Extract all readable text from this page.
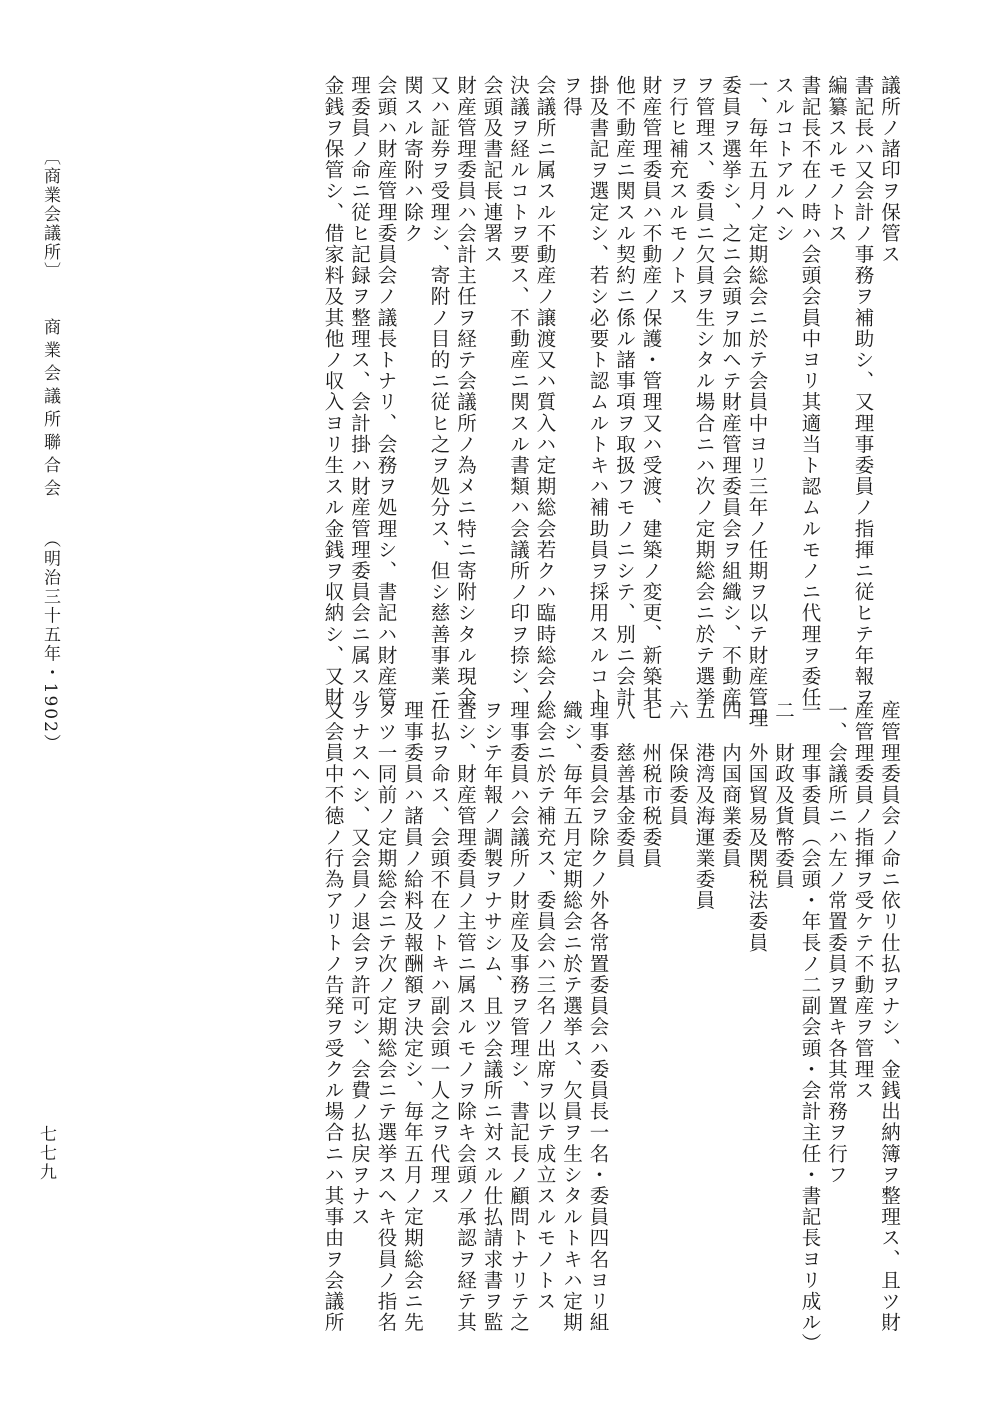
議所ノ諸印ヲ保管ス
書記長ハ又会計ノ事務ヲ補助シ、又理事委員ノ指揮ニ従ヒテ年報ヲ
編纂スルモノトス
書記長不在ノ時ハ会頭会員中ヨリ其適当ト認ムルモノニ代理ヲ委任
スルコトアルヘシ
一、毎年五月ノ定期総会ニ於テ会員中ヨリ三年ノ任期ヲ以テ財産管理
委員ヲ選挙シ、之ニ会頭ヲ加ヘテ財産管理委員会ヲ組織シ、不動産
ヲ管理ス、委員ニ欠員ヲ生シタル場合ニハ次ノ定期総会ニ於テ選挙
ヲ行ヒ補充スルモノトス
財産管理委員ハ不動産ノ保護・管理又ハ受渡、建築ノ変更、新築其
他不動産ニ関スル契約ニ係ル諸事項ヲ取扱フモノニシテ、別ニ会計
掛及書記ヲ選定シ、若シ必要ト認ムルトキハ補助員ヲ採用スルコト
ヲ得
会議所ニ属スル不動産ノ譲渡又ハ質入ハ定期総会若クハ臨時総会ノ
決議ヲ経ルコトヲ要ス、不動産ニ関スル書類ハ会議所ノ印ヲ捺シ、
会頭及書記長連署ス
財産管理委員ハ会計主任ヲ経テ会議所ノ為メニ特ニ寄附シタル現金
又ハ証券ヲ受理シ、寄附ノ目的ニ従ヒ之ヲ処分ス、但シ慈善事業ニ
関スル寄附ハ除ク
会頭ハ財産管理委員会ノ議長トナリ、会務ヲ処理シ、書記ハ財産管
理委員ノ命ニ従ヒ記録ヲ整理ス、会計掛ハ財産管理委員会ニ属スル
金銭ヲ保管シ、借家料及其他ノ収入ヨリ生スル金銭ヲ収納シ、又財
産管理委員会ノ命ニ依リ仕払ヲナシ、金銭出納簿ヲ整理ス、且ツ財
産管理委員ノ指揮ヲ受ケテ不動産ヲ管理ス
一、会議所ニハ左ノ常置委員ヲ置キ各其常務ヲ行フ
一　理事委員（会頭・年長ノ二副会頭・会計主任・書記長ヨリ成ル）
二　財政及貨幣委員
三　外国貿易及関税法委員
四　内国商業委員
五　港湾及海運業委員
六　保険委員
七　州税市税委員
八　慈善基金委員
理事委員会ヲ除クノ外各常置委員会ハ委員長一名・委員四名ヨリ組
織シ、毎年五月定期総会ニ於テ選挙ス、欠員ヲ生シタルトキハ定期
総会ニ於テ補充ス、委員会ハ三名ノ出席ヲ以テ成立スルモノトス
理事委員ハ会議所ノ財産及事務ヲ管理シ、書記長ノ顧問トナリテ之
ヲシテ年報ノ調製ヲナサシム、且ツ会議所ニ対スル仕払請求書ヲ監
査シ、財産管理委員ノ主管ニ属スルモノヲ除キ会頭ノ承認ヲ経テ其
仕払ヲ命ス、会頭不在ノトキハ副会頭一人之ヲ代理ス
理事委員ハ諸員ノ給料及報酬額ヲ決定シ、毎年五月ノ定期総会ニ先
タツ一同前ノ定期総会ニテ次ノ定期総会ニテ選挙スヘキ役員ノ指名
ヲナスヘシ、又会員ノ退会ヲ許可シ、会費ノ払戻ヲナス
又会員中不徳ノ行為アリトノ告発ヲ受クル場合ニハ其事由ヲ会議所
〔商業会議所〕  商業会議所聯合会  （明治三十五年・1902）
七七九
